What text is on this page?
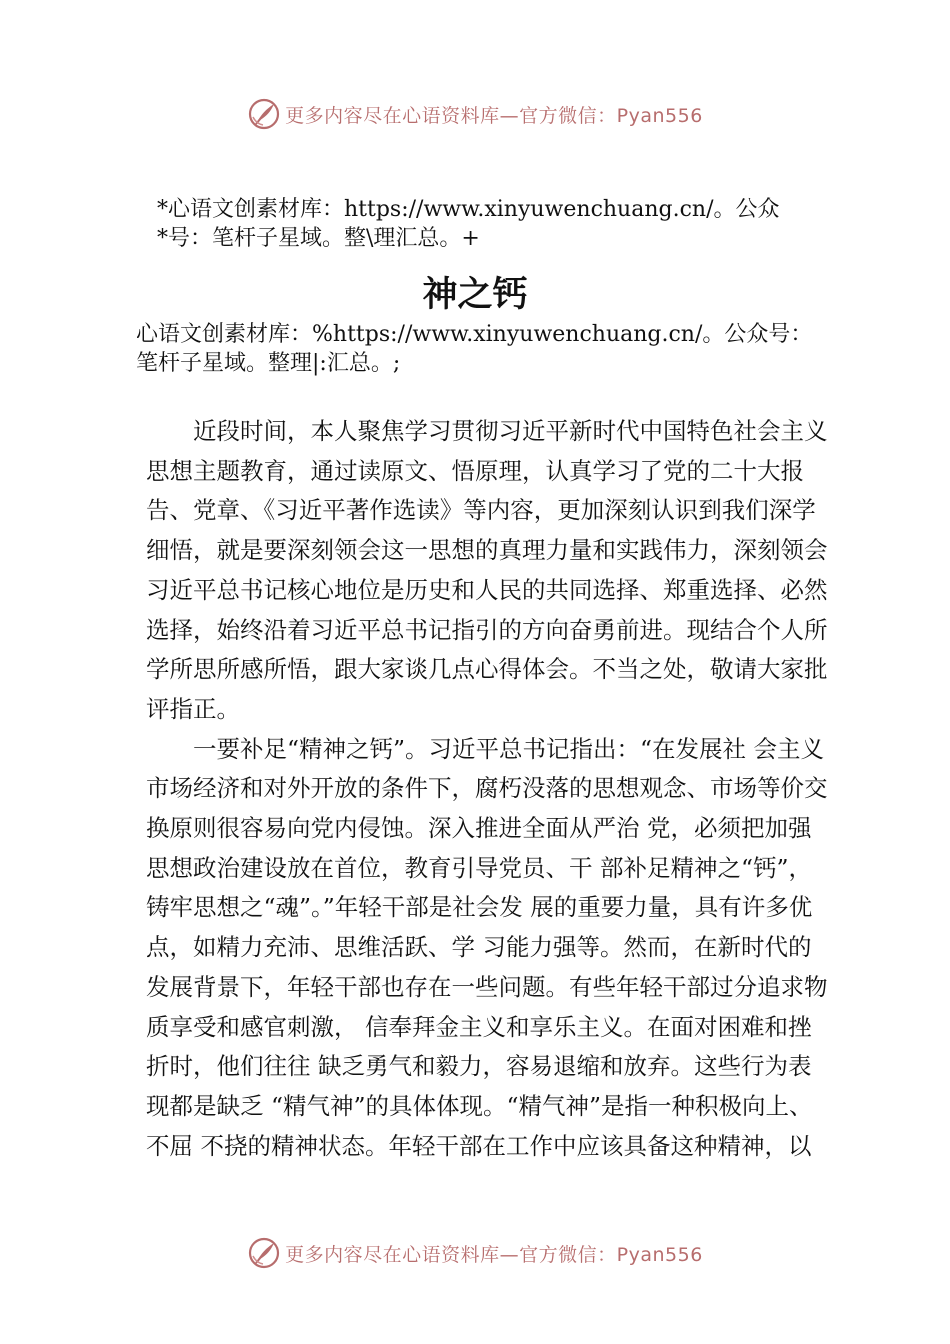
更多内容尽在心语资料库—官方微信：Pyan556
*心语文创素材库：https://www.xinyuwenchuang.cn/。公众
*号：笔杆子星域。整\理汇总。+
神之钙
心语文创素材库：%https://www.xinyuwenchuang.cn/。公众号：
笔杆子星域。整理|:汇总。;

近段时间，本人聚焦学习贯彻习近平新时代中国特色社会主义思想主题教育，通过读原文、悟原理，认真学习了党的二十大报告、党章、《习近平著作选读》等内容，更加深刻认识到我们深学细悟，就是要深刻领会这一思想的真理力量和实践伟力，深刻领会习近平总书记核心地位是历史和人民的共同选择、郑重选择、必然选择，始终沿着习近平总书记指引的方向奋勇前进。现结合个人所学所思所感所悟，跟大家谈几点心得体会。不当之处，敬请大家批评指正。

一要补足“精神之钙”。习近平总书记指出：“在发展社 会主义市场经济和对外开放的条件下，腐朽没落的思想观念、市场等价交换原则很容易向党内侵蚀。深入推进全面从严治 党，必须把加强思想政治建设放在首位，教育引导党员、干 部补足精神之“钙”，铸牢思想之“魂”。”年轻干部是社会发 展的重要力量，具有许多优点，如精力充沛、思维活跃、学 习能力强等。然而，在新时代的发展背景下，年轻干部也存在一些问题。有些年轻干部过分追求物质享受和感官刺激， 信奉拜金主义和享乐主义。在面对困难和挫折时，他们往往 缺乏勇气和毅力，容易退缩和放弃。这些行为表现都是缺乏 “精气神”的具体体现。“精气神”是指一种积极向上、不屈 不挠的精神状态。年轻干部在工作中应该具备这种精神，以

更多内容尽在心语资料库—官方微信：Pyan556
